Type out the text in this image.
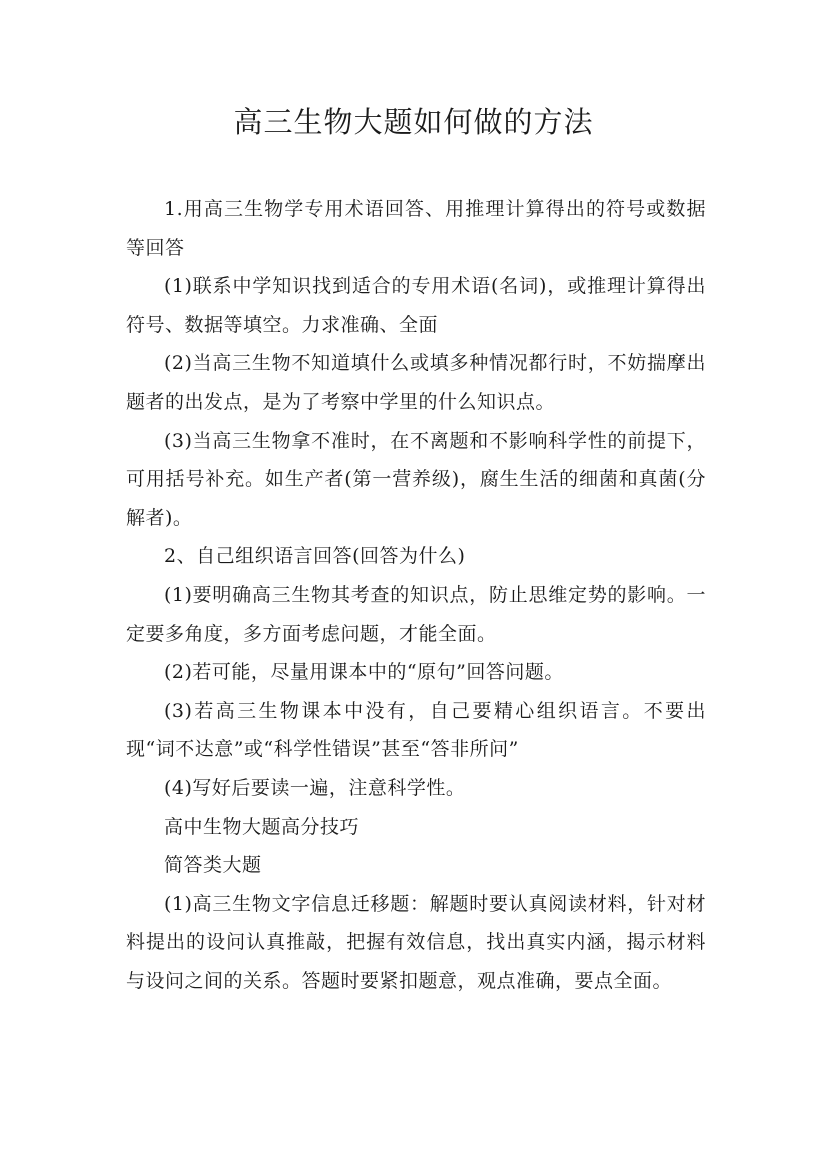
高三生物大题如何做的方法

1.用高三生物学专用术语回答、用推理计算得出的符号或数据等回答

(1)联系中学知识找到适合的专用术语(名词)，或推理计算得出符号、数据等填空。力求准确、全面

(2)当高三生物不知道填什么或填多种情况都行时，不妨揣摩出题者的出发点，是为了考察中学里的什么知识点。

(3)当高三生物拿不准时，在不离题和不影响科学性的前提下，可用括号补充。如生产者(第一营养级)，腐生生活的细菌和真菌(分解者)。

2、自己组织语言回答(回答为什么)

(1)要明确高三生物其考查的知识点，防止思维定势的影响。一定要多角度，多方面考虑问题，才能全面。

(2)若可能，尽量用课本中的“原句”回答问题。

(3)若高三生物课本中没有，自己要精心组织语言。不要出现“词不达意”或“科学性错误”甚至“答非所问”

(4)写好后要读一遍，注意科学性。

高中生物大题高分技巧

简答类大题

(1)高三生物文字信息迁移题：解题时要认真阅读材料，针对材料提出的设问认真推敲，把握有效信息，找出真实内涵，揭示材料与设问之间的关系。答题时要紧扣题意，观点准确，要点全面。
